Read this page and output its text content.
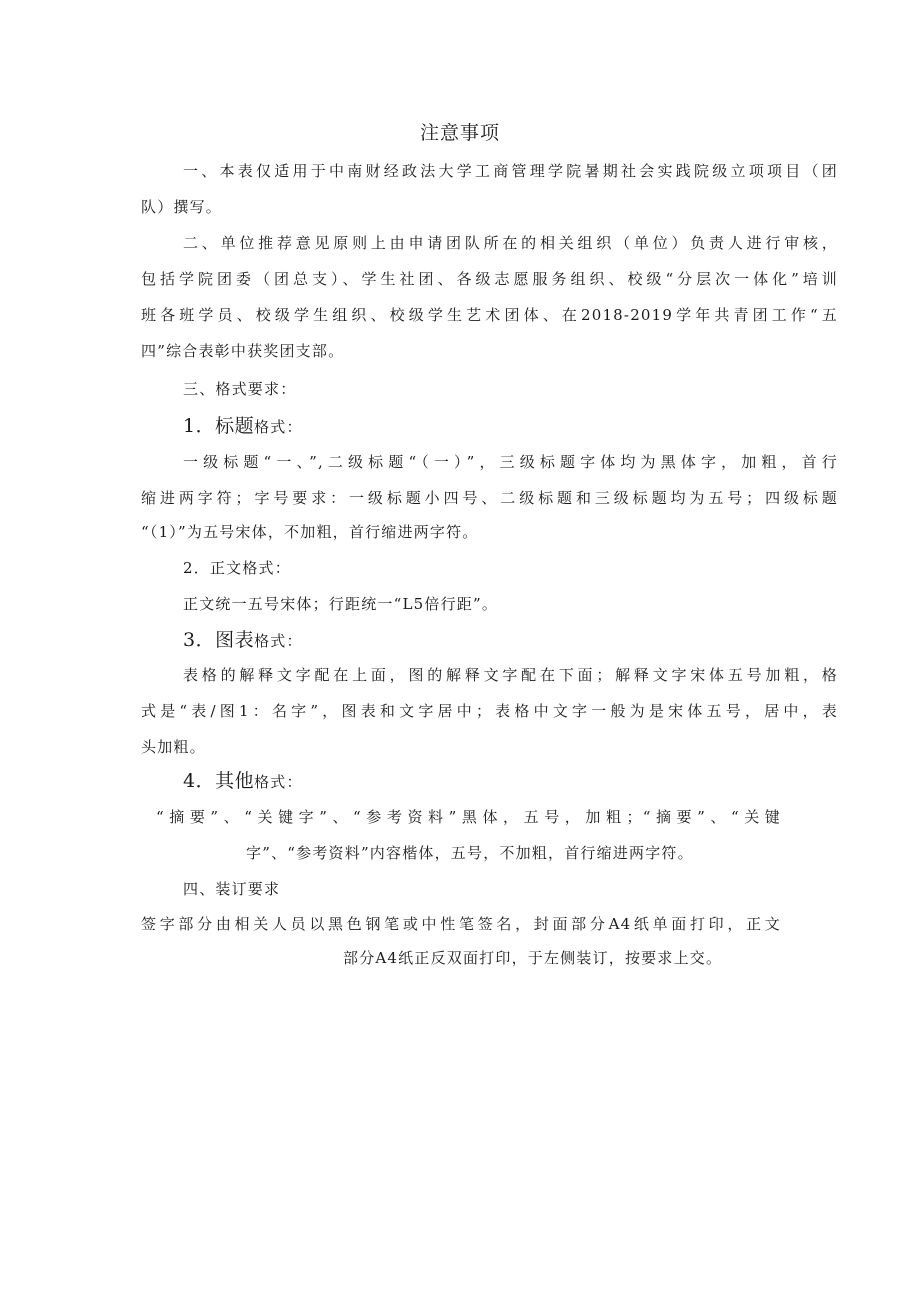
注意事项
一、本表仅适用于中南财经政法大学工商管理学院暑期社会实践院级立项项目（团
队）撰写。
二、单位推荐意见原则上由申请团队所在的相关组织（单位）负责人进行审核，
包括学院团委（团总支）、学生社团、各级志愿服务组织、校级“分层次一体化”培训
班各班学员、校级学生组织、校级学生艺术团体、在2018-2019学年共青团工作“五
四”综合表彰中获奖团支部。
三、格式要求：
1．标题格式：
一级标题“一、”,二级标题“（一）”，三级标题字体均为黑体字，加粗，首行
缩进两字符；字号要求：一级标题小四号、二级标题和三级标题均为五号；四级标题
“（1）”为五号宋体，不加粗，首行缩进两字符。
2．正文格式：
正文统一五号宋体；行距统一“L5倍行距”。
3．图表格式：
表格的解释文字配在上面，图的解释文字配在下面；解释文字宋体五号加粗，格
式是“表/图1：名字”，图表和文字居中；表格中文字一般为是宋体五号，居中，表
头加粗。
4．其他格式：
“摘要”、“关键字”、“参考资料”黑体，五号，加粗；“摘要”、“关键
字”、“参考资料”内容楷体，五号，不加粗，首行缩进两字符。
四、装订要求
签字部分由相关人员以黑色钢笔或中性笔签名，封面部分A4纸单面打印，正文
部分A4纸正反双面打印，于左侧装订，按要求上交。
